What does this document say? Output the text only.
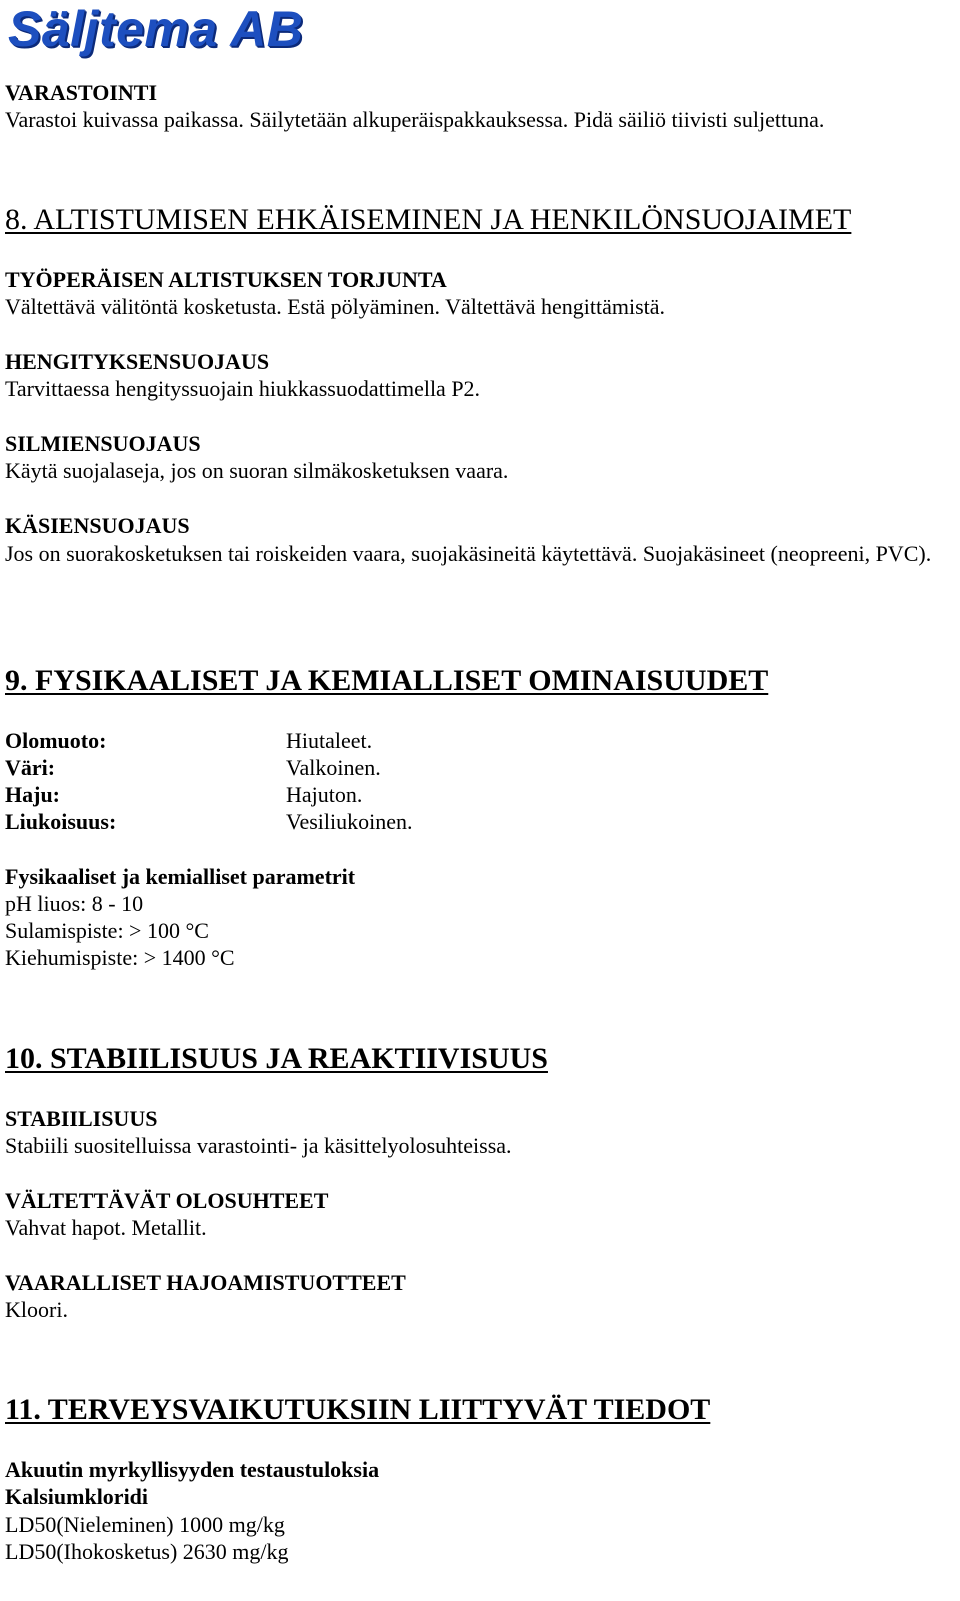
Säljtema AB
VARASTOINTI
Varastoi kuivassa paikassa. Säilytetään alkuperäispakkauksessa. Pidä säiliö tiivisti suljettuna.
8. ALTISTUMISEN EHKÄISEMINEN JA HENKILÖNSUOJAIMET
TYÖPERÄISEN ALTISTUKSEN TORJUNTA
Vältettävä välitöntä kosketusta. Estä pölyäminen. Vältettävä hengittämistä.
HENGITYKSENSUOJAUS
Tarvittaessa hengityssuojain hiukkassuodattimella P2.
SILMIENSUOJAUS
Käytä suojalaseja, jos on suoran silmäkosketuksen vaara.
KÄSIENSUOJAUS
Jos on suorakosketuksen tai roiskeiden vaara, suojakäsineitä käytettävä. Suojakäsineet (neopreeni, PVC).
9. FYSIKAALISET JA KEMIALLISET OMINAISUUDET
Olomuoto:	Hiutaleet.
Väri:	Valkoinen.
Haju:	Hajuton.
Liukoisuus:	Vesiliukoinen.
Fysikaaliset ja kemialliset parametrit
pH liuos: 8 - 10
Sulamispiste: > 100 °C
Kiehumispiste: > 1400 °C
10. STABIILISUUS JA REAKTIIVISUUS
STABIILISUUS
Stabiili suositelluissa varastointi- ja käsittelyolosuhteissa.
VÄLTETTÄVÄT OLOSUHTEET
Vahvat hapot. Metallit.
VAARALLISET HAJOAMISTUOTTEET
Kloori.
11. TERVEYSVAIKUTUKSIIN LIITTYVÄT TIEDOT
Akuutin myrkyllisyyden testaustuloksia
Kalsiumkloridi
LD50(Nieleminen) 1000 mg/kg
LD50(Ihokosketus) 2630 mg/kg
